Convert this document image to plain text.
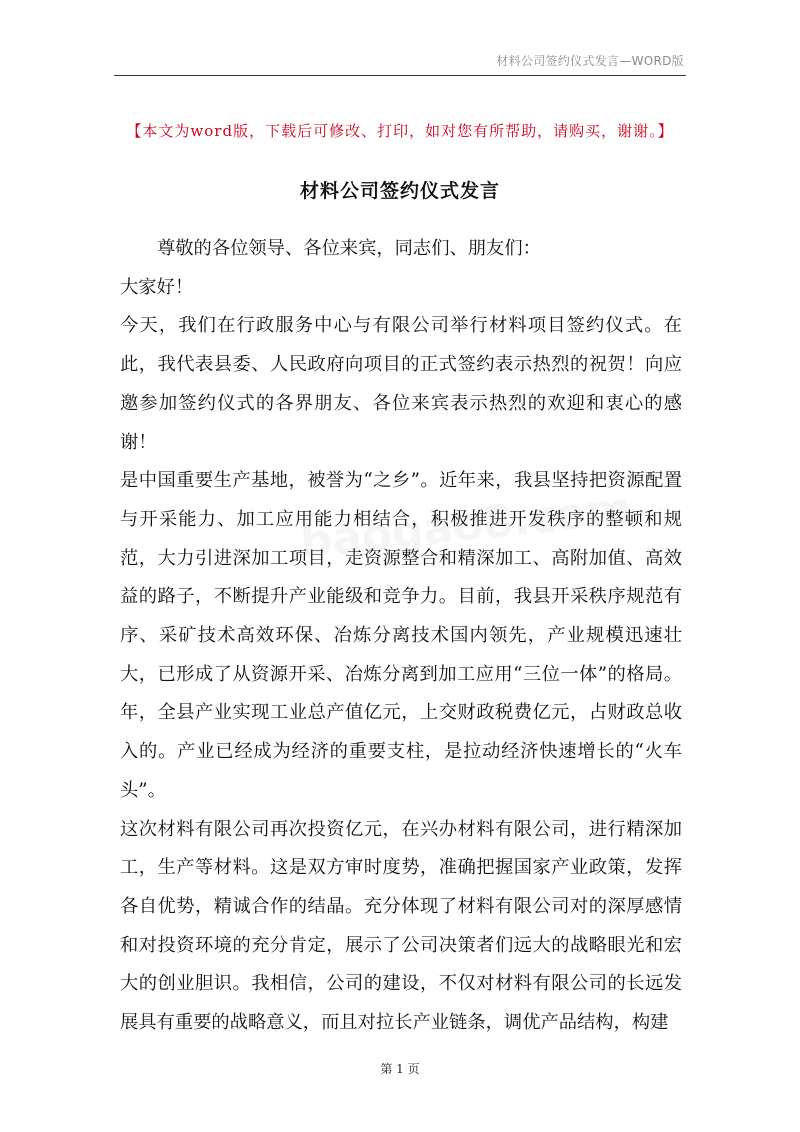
材料公司签约仪式发言—WORD版
【本文为word版，下载后可修改、打印，如对您有所帮助，请购买，谢谢。】
材料公司签约仪式发言

尊敬的各位领导、各位来宾，同志们、朋友们：

大家好！

今天，我们在行政服务中心与有限公司举行材料项目签约仪式。在此，我代表县委、人民政府向项目的正式签约表示热烈的祝贺！向应邀参加签约仪式的各界朋友、各位来宾表示热烈的欢迎和衷心的感谢！

是中国重要生产基地，被誉为“之乡”。近年来，我县坚持把资源配置与开采能力、加工应用能力相结合，积极推进开发秩序的整顿和规范，大力引进深加工项目，走资源整合和精深加工、高附加值、高效益的路子，不断提升产业能级和竞争力。目前，我县开采秩序规范有序、采矿技术高效环保、冶炼分离技术国内领先，产业规模迅速壮大，已形成了从资源开采、冶炼分离到加工应用“三位一体”的格局。年，全县产业实现工业总产值亿元，上交财政税费亿元，占财政总收入的。产业已经成为经济的重要支柱，是拉动经济快速增长的“火车头”。

这次材料有限公司再次投资亿元，在兴办材料有限公司，进行精深加工，生产等材料。这是双方审时度势，准确把握国家产业政策，发挥各自优势，精诚合作的结晶。充分体现了材料有限公司对的深厚感情和对投资环境的充分肯定，展示了公司决策者们远大的战略眼光和宏大的创业胆识。我相信，公司的建设，不仅对材料有限公司的长远发展具有重要的战略意义，而且对拉长产业链条，调优产品结构，构建

第 1 页
